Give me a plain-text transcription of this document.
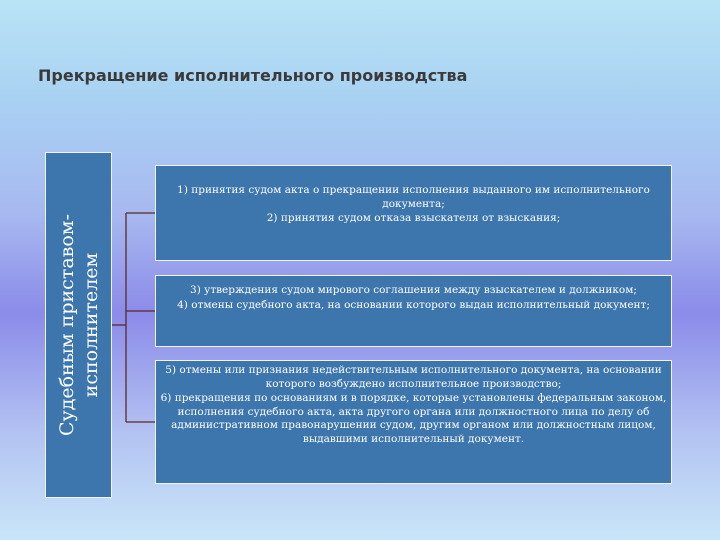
Прекращение исполнительного производства
Судебным приставом-исполнителем

1) принятия судом акта о прекращении исполнения выданного им исполнительного документа;

2) принятия судом отказа взыскателя от взыскания;

3) утверждения судом мирового соглашения между взыскателем и должником;

4) отмены судебного акта, на основании которого выдан исполнительный документ;

5) отмены или признания недействительным исполнительного документа, на основании которого возбуждено исполнительное производство;

6) прекращения по основаниям и в порядке, которые установлены федеральным законом, исполнения судебного акта, акта другого органа или должностного лица по делу об административном правонарушении судом, другим органом или должностным лицом, выдавшими исполнительный документ.
